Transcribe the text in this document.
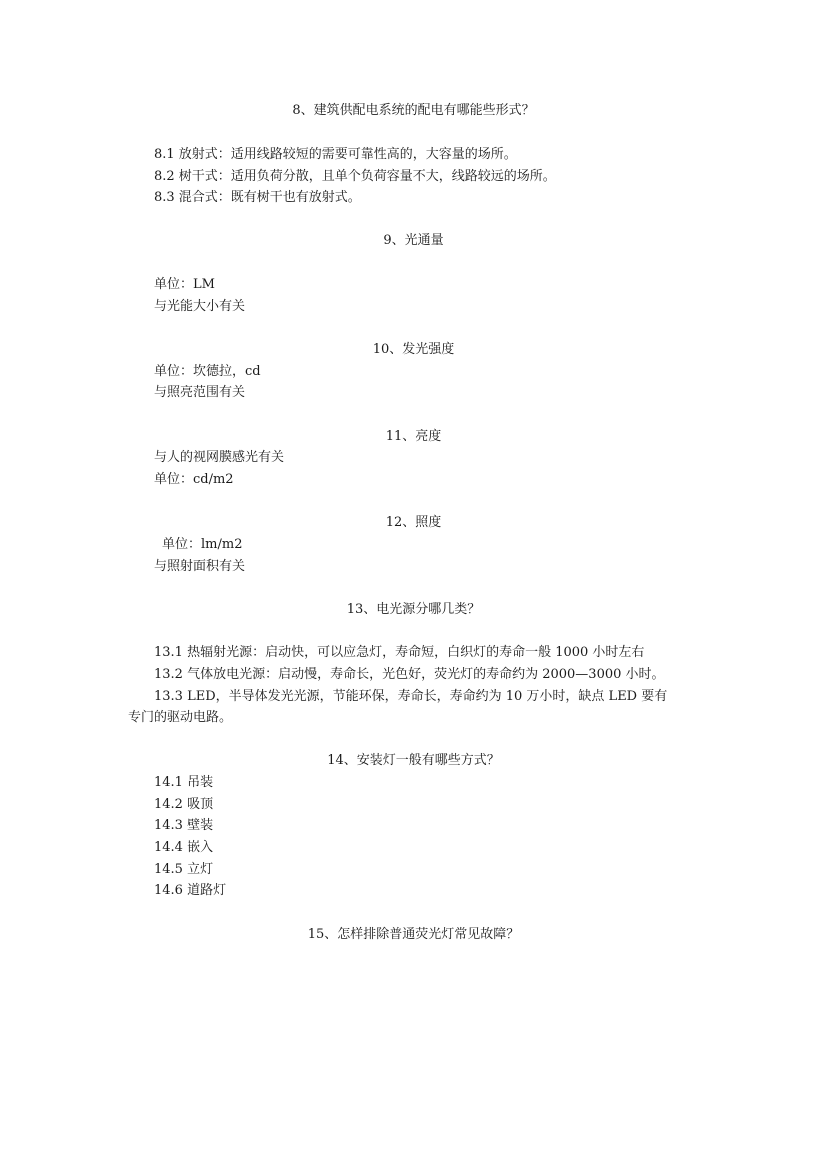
8、建筑供配电系统的配电有哪能些形式？
8.1 放射式：适用线路较短的需要可靠性高的，大容量的场所。
8.2 树干式：适用负荷分散，且单个负荷容量不大，线路较远的场所。
8.3 混合式：既有树干也有放射式。
9、光通量
单位：LM
与光能大小有关
10、发光强度
单位：坎德拉，cd
与照亮范围有关
11、亮度
与人的视网膜感光有关
单位：cd/m2
12、照度
单位：lm/m2
与照射面积有关
13、电光源分哪几类？
13.1 热辐射光源：启动快，可以应急灯，寿命短，白织灯的寿命一般 1000 小时左右
13.2 气体放电光源：启动慢，寿命长，光色好，荧光灯的寿命约为 2000—3000 小时。
13.3 LED，半导体发光光源，节能环保，寿命长，寿命约为 10 万小时，缺点 LED 要有
专门的驱动电路。
14、安装灯一般有哪些方式？
14.1 吊装
14.2 吸顶
14.3 壁装
14.4 嵌入
14.5 立灯
14.6 道路灯
15、怎样排除普通荧光灯常见故障？
